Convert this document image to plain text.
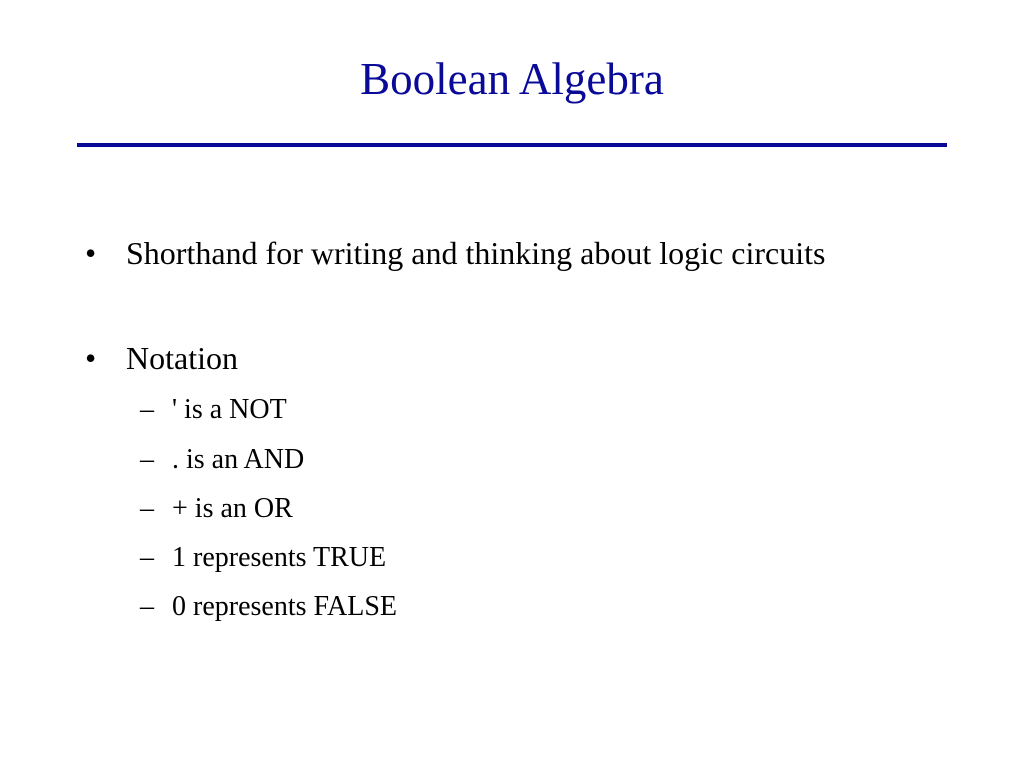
Boolean Algebra
• Shorthand for writing and thinking about logic circuits
• Notation
– ' is a NOT
– . is an AND
– + is an OR
– 1 represents TRUE
– 0 represents FALSE
